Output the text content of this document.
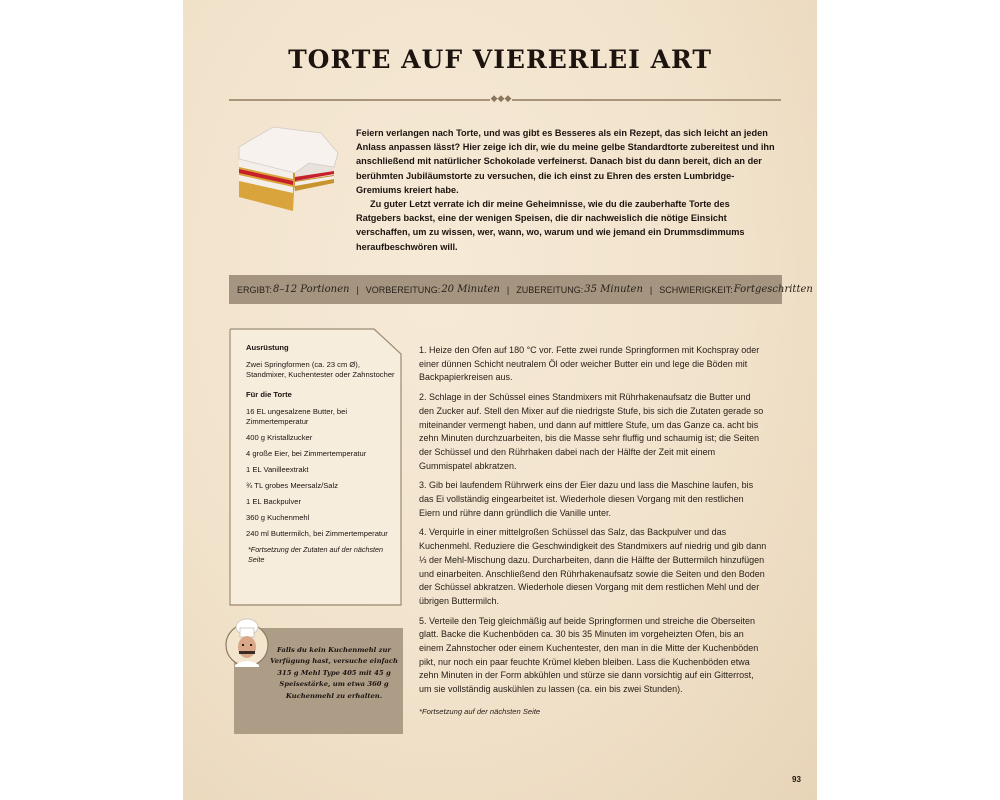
TORTE AUF VIERERLEI ART
◆◆◆

Feiern verlangen nach Torte, und was gibt es Besseres als ein Rezept, das sich leicht an jeden Anlass anpassen lässt? Hier zeige ich dir, wie du meine gelbe Standardtorte zubereitest und ihn anschließend mit natürlicher Schokolade verfeinerst. Danach bist du dann bereit, dich an der berühmten Jubiläumstorte zu versuchen, die ich einst zu Ehren des ersten Lumbridge-Gremiums kreiert habe.

Zu guter Letzt verrate ich dir meine Geheimnisse, wie du die zauberhafte Torte des Ratgebers backst, eine der wenigen Speisen, die dir nachweislich die nötige Einsicht verschaffen, um zu wissen, wer, wann, wo, warum und wie jemand ein Drummsdimmums heraufbeschwören will.

ERGIBT: 8–12 Portionen | VORBEREITUNG: 20 Minuten | ZUBEREITUNG: 35 Minuten | SCHWIERIGKEIT: Fortgeschritten
Ausrüstung
Zwei Springformen (ca. 23 cm Ø), Standmixer, Kuchentester oder Zahnstocher
Für die Torte
16 EL ungesalzene Butter, bei Zimmertemperatur
400 g Kristallzucker
4 große Eier, bei Zimmertemperatur
1 EL Vanilleextrakt
¾ TL grobes Meersalz/Salz
1 EL Backpulver
360 g Kuchenmehl
240 ml Buttermilch, bei Zimmertemperatur
*Fortsetzung der Zutaten auf der nächsten Seite
Falls du kein Kuchenmehl zur Verfügung hast, versuche einfach 315 g Mehl Type 405 mit 45 g Speisestärke, um etwa 360 g Kuchenmehl zu erhalten.

1. Heize den Ofen auf 180 °C vor. Fette zwei runde Springformen mit Kochspray oder einer dünnen Schicht neutralem Öl oder weicher Butter ein und lege die Böden mit Backpapierkreisen aus.

2. Schlage in der Schüssel eines Standmixers mit Rührhakenaufsatz die Butter und den Zucker auf. Stell den Mixer auf die niedrigste Stufe, bis sich die Zutaten gerade so miteinander vermengt haben, und dann auf mittlere Stufe, um das Ganze ca. acht bis zehn Minuten durchzuarbeiten, bis die Masse sehr fluffig und schaumig ist; die Seiten der Schüssel und den Rührhaken dabei nach der Hälfte der Zeit mit einem Gummispatel abkratzen.

3. Gib bei laufendem Rührwerk eins der Eier dazu und lass die Maschine laufen, bis das Ei vollständig eingearbeitet ist. Wiederhole diesen Vorgang mit den restlichen Eiern und rühre dann gründlich die Vanille unter.

4. Verquirle in einer mittelgroßen Schüssel das Salz, das Backpulver und das Kuchenmehl. Reduziere die Geschwindigkeit des Standmixers auf niedrig und gib dann ⅓ der Mehl-Mischung dazu. Durcharbeiten, dann die Hälfte der Buttermilch hinzufügen und einarbeiten. Anschließend den Rührhakenaufsatz sowie die Seiten und den Boden der Schüssel abkratzen. Wiederhole diesen Vorgang mit dem restlichen Mehl und der übrigen Buttermilch.

5. Verteile den Teig gleichmäßig auf beide Springformen und streiche die Oberseiten glatt. Backe die Kuchenböden ca. 30 bis 35 Minuten im vorgeheizten Ofen, bis an einem Zahnstocher oder einem Kuchentester, den man in die Mitte der Kuchenböden pikt, nur noch ein paar feuchte Krümel kleben bleiben. Lass die Kuchenböden etwa zehn Minuten in der Form abkühlen und stürze sie dann vorsichtig auf ein Gitterrost, um sie vollständig auskühlen zu lassen (ca. ein bis zwei Stunden).

*Fortsetzung auf der nächsten Seite
93
